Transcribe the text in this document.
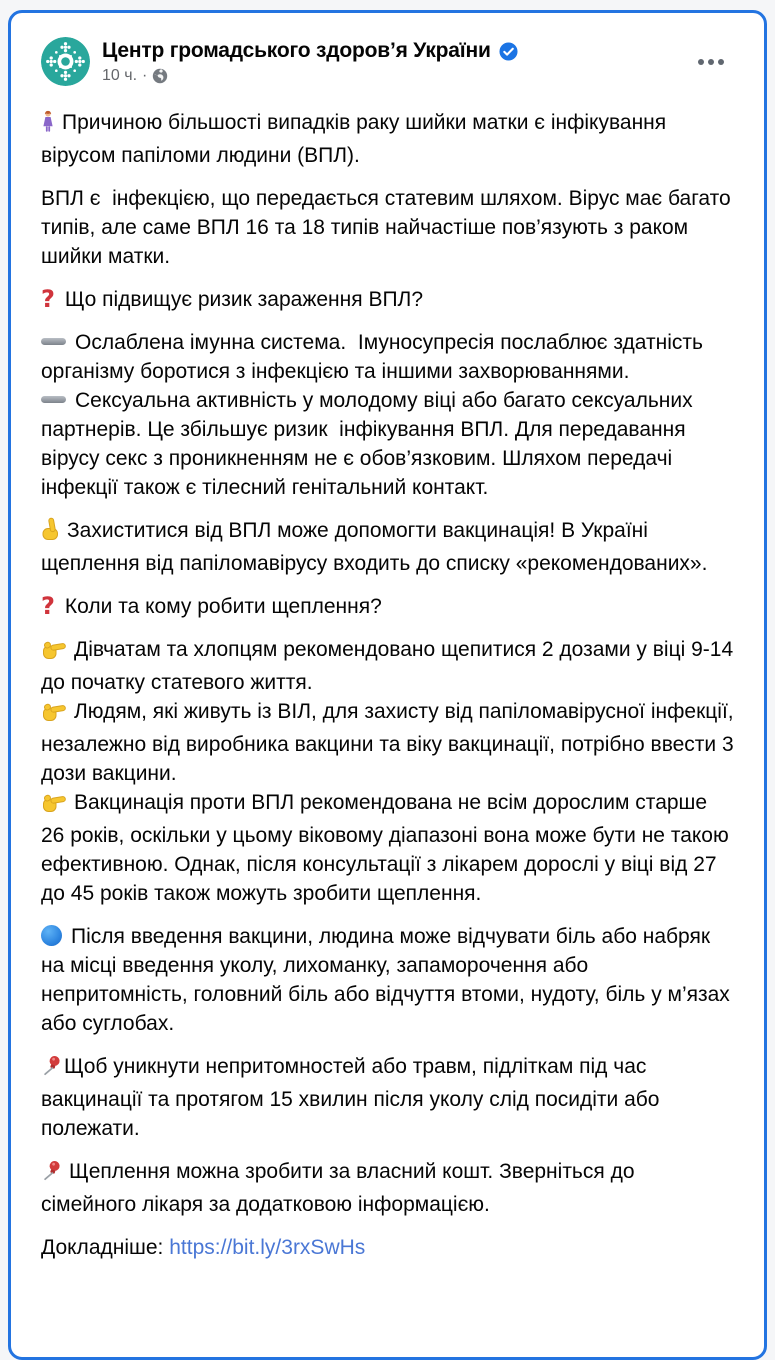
Центр громадського здоров’я України
10 ч. ·

Причиною більшості випадків раку шийки матки є інфікування вірусом папіломи людини (ВПЛ).

ВПЛ є  інфекцією, що передається статевим шляхом. Вірус має багато типів, але саме ВПЛ 16 та 18 типів найчастіше пов’язують з раком шийки матки.

? Що підвищує ризик зараження ВПЛ?

Ослаблена імунна система.  Імуносупресія послаблює здатність організму боротися з інфекцією та іншими захворюваннями.
Сексуальна активність у молодому віці або багато сексуальних партнерів. Це збільшує ризик  інфікування ВПЛ. Для передавання вірусу секс з проникненням не є обов’язковим. Шляхом передачі інфекції також є тілесний генітальний контакт.

Захиститися від ВПЛ може допомогти вакцинація! В Україні щеплення від папіломавірусу входить до списку «рекомендованих».

? Коли та кому робити щеплення?

Дівчатам та хлопцям рекомендовано щепитися 2 дозами у віці 9-14 до початку статевого життя.
Людям, які живуть із ВІЛ, для захисту від папіломавірусної інфекції, незалежно від виробника вакцини та віку вакцинації, потрібно ввести 3 дози вакцини.
Вакцинація проти ВПЛ рекомендована не всім дорослим старше 26 років, оскільки у цьому віковому діапазоні вона може бути не такою ефективною. Однак, після консультації з лікарем дорослі у віці від 27 до 45 років також можуть зробити щеплення.

Після введення вакцини, людина може відчувати біль або набряк на місці введення уколу, лихоманку, запаморочення або непритомність, головний біль або відчуття втоми, нудоту, біль у м’язах або суглобах.

Щоб уникнути непритомностей або травм, підліткам під час вакцинації та протягом 15 хвилин після уколу слід посидіти або полежати.

Щеплення можна зробити за власний кошт. Зверніться до сімейного лікаря за додатковою інформацією.

Докладніше: https://bit.ly/3rxSwHs
